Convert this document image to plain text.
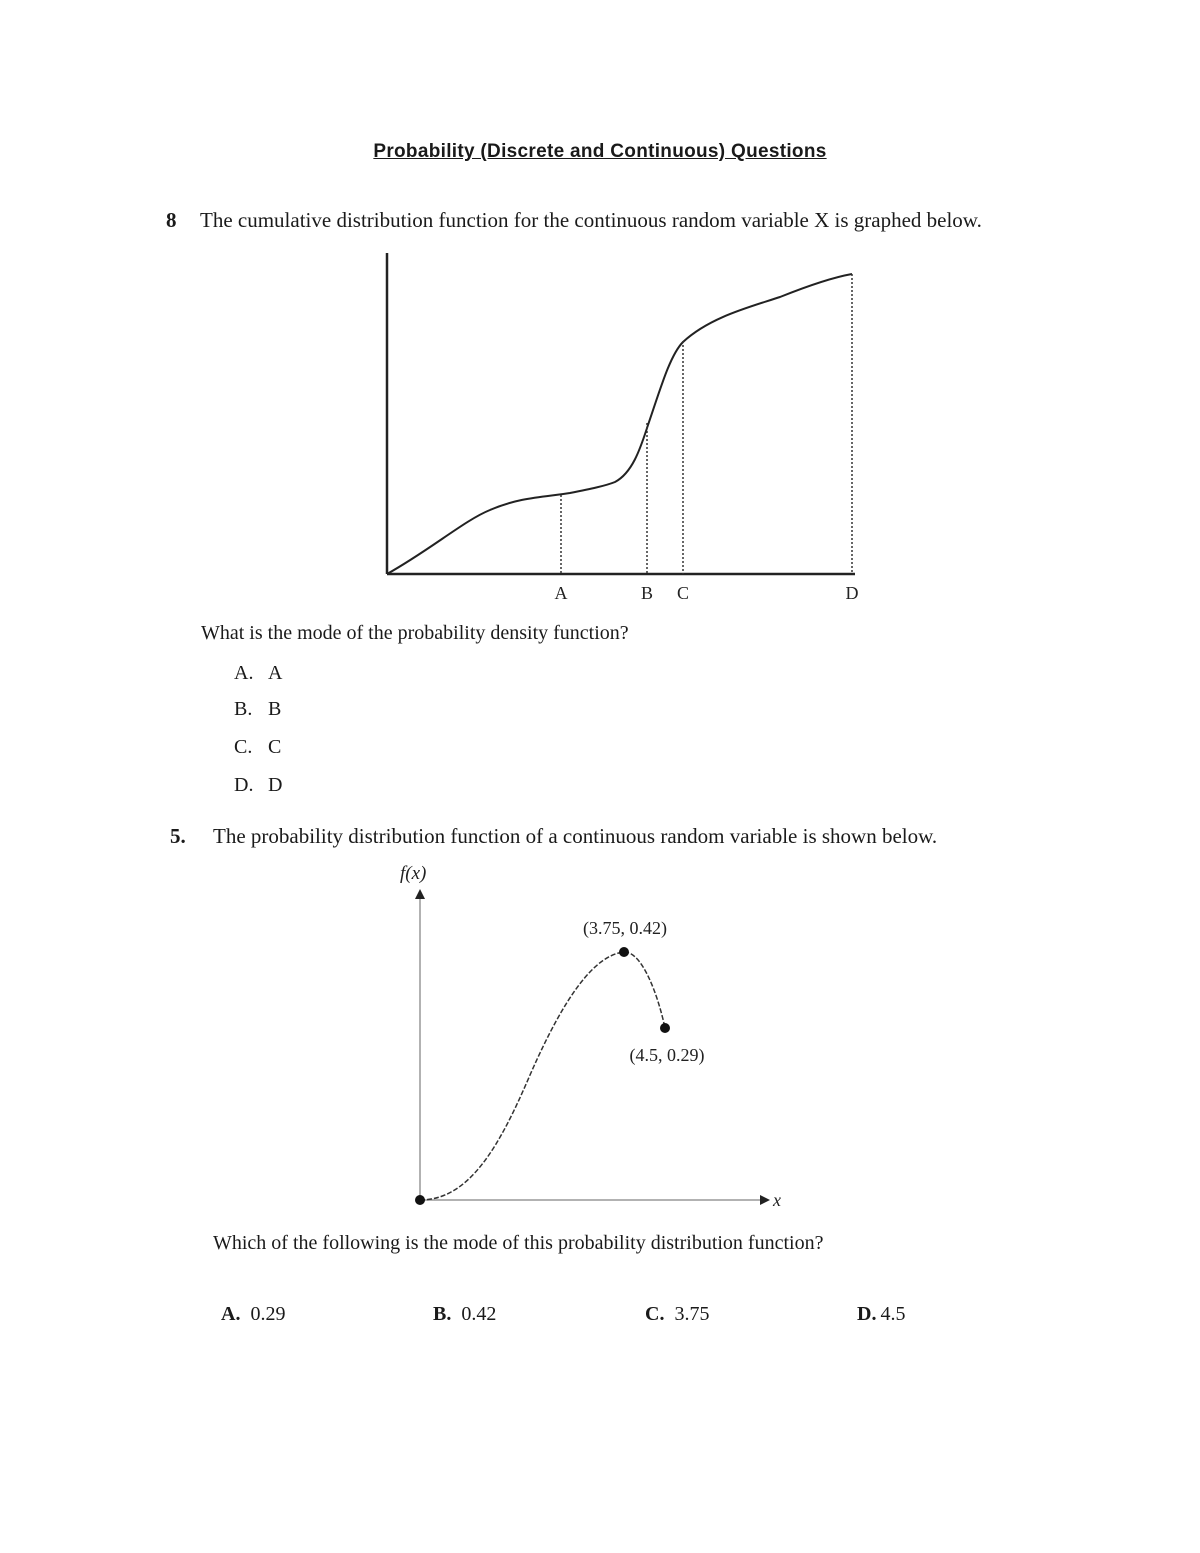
Probability (Discrete and Continuous) Questions
8 The cumulative distribution function for the continuous random variable X is graphed below.
A	B C	D
What is the mode of the probability density function?
A. A
B. B
C. C
D. D
5. The probability distribution function of a continuous random variable is shown below.
f(x)
x
(3.75, 0.42)
(4.5, 0.29)
Which of the following is the mode of this probability distribution function?
A. 0.29	B. 0.42	C. 3.75	D. 4.5
